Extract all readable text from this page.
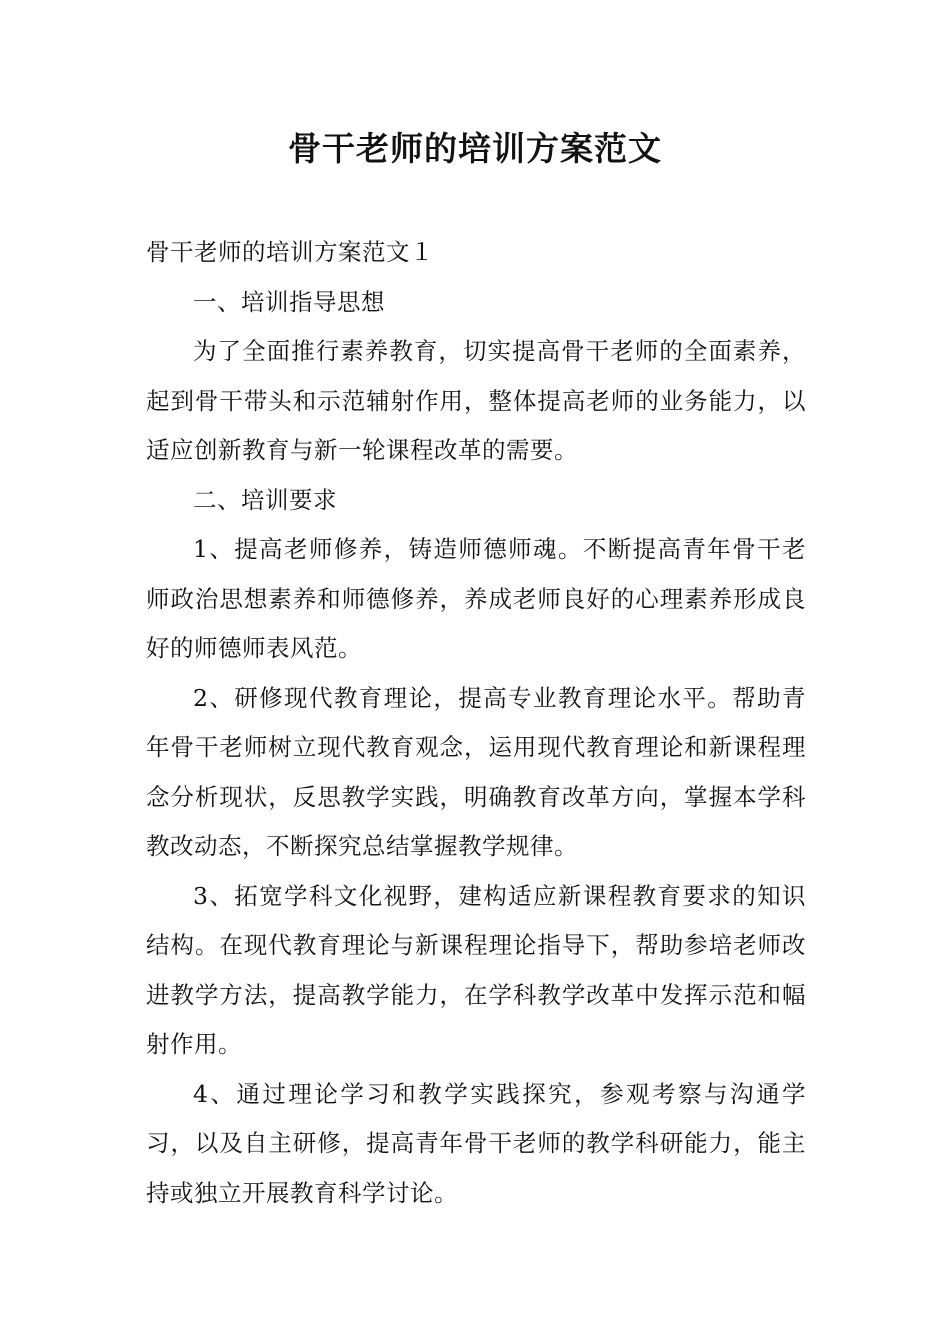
骨干老师的培训方案范文

骨干老师的培训方案范文１

一、培训指导思想

为了全面推行素养教育，切实提高骨干老师的全面素养，起到骨干带头和示范辅射作用，整体提高老师的业务能力，以适应创新教育与新一轮课程改革的需要。

二、培训要求

1、提高老师修养，铸造师德师魂。不断提高青年骨干老师政治思想素养和师德修养，养成老师良好的心理素养形成良好的师德师表风范。

2、研修现代教育理论，提高专业教育理论水平。帮助青年骨干老师树立现代教育观念，运用现代教育理论和新课程理念分析现状，反思教学实践，明确教育改革方向，掌握本学科教改动态，不断探究总结掌握教学规律。

3、拓宽学科文化视野，建构适应新课程教育要求的知识结构。在现代教育理论与新课程理论指导下，帮助参培老师改进教学方法，提高教学能力，在学科教学改革中发挥示范和幅射作用。

4、通过理论学习和教学实践探究，参观考察与沟通学习，以及自主研修，提高青年骨干老师的教学科研能力，能主持或独立开展教育科学讨论。
